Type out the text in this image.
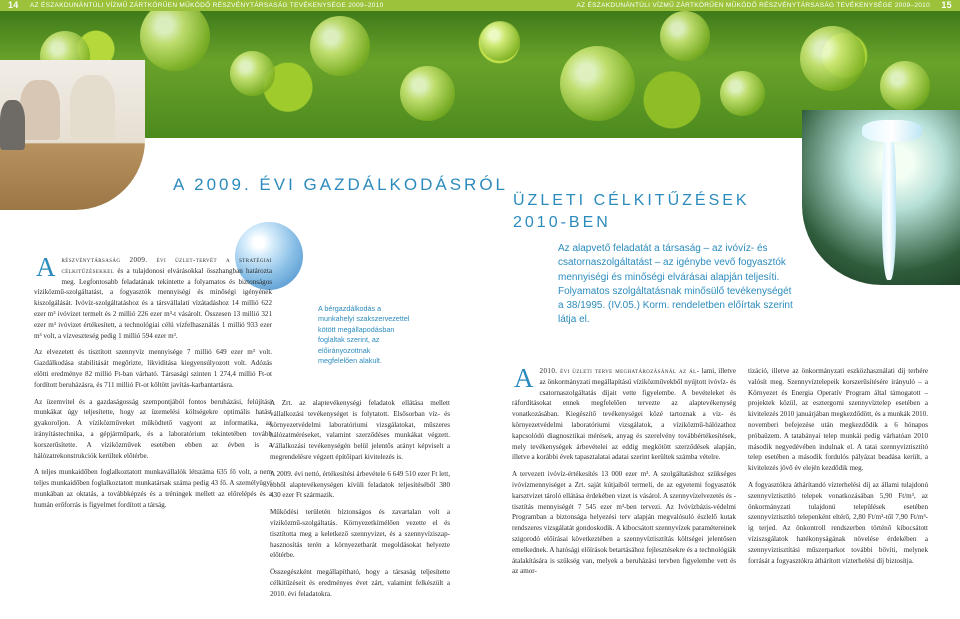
14 AZ ÉSZAKDUNÁNTÚLI VÍZMŰ ZÁRTKÖRŰEN MŰKÖDŐ RÉSZVÉNYTÁRSASÁG TEVÉKENYSÉGE 2009–2010	AZ ÉSZAKDUNÁNTÚLI VÍZMŰ ZÁRTKÖRŰEN MŰKÖDŐ RÉSZVÉNYTÁRSASÁG TEVÉKENYSÉGE 2009–2010 15
A 2009. ÉVI GAZDÁLKODÁSRÓL
ÜZLETI CÉLKITŰZÉSEK
2010-BEN

A részvénytársaság 2009. évi üzlet-tervét a stratégiai célkitűzésekkel és a tulajdonosi elvárásokkal összhangban határozta meg. Legfontosabb feladatának tekintette a folyamatos és biztonságos víziközmű-szolgáltatást, a fogyasztók mennyiségi és minőségi igényének kiszolgálását. Ivóvíz-szolgáltatáshoz és a társvállalati vízátadáshoz 14 millió 622 ezer m³ ivóvizet termelt és 2 millió 226 ezer m³-t vásárolt. Összesen 13 millió 321 ezer m³ ivóvizet értékesített, a technológiai célú vízfelhasználás 1 millió 933 ezer m³ volt, a vízveszteség pedig 1 millió 594 ezer m³.

Az elvezetett és tisztított szennyvíz mennyisége 7 millió 649 ezer m³ volt. Gazdálkodása stabilitását megőrizte, likviditása kiegyensúlyozott volt. Adózás előtti eredménye 82 millió Ft-ban várható. Társasági szinten 1 274,4 millió Ft-ot fordított beruházásra, és 711 millió Ft-ot költött javítás-karbantartásra.

Az üzemvitel és a gazdaságosság szempontjából fontos beruházási, felújítási munkákat úgy teljesítette, hogy az üzemelési költségekre optimális hatást gyakoroljon. A víziközműveket működtető vagyont az informatika, az irányítástechnika, a gépjárműpark, és a laboratórium tekintetében tovább korszerűsítette. A víziközművek esetében ebben az évben is a hálózatrekonstrukciók kerültek előtérbe.

A teljes munkaidőben foglalkoztatott munkavállalók létszáma 635 fő volt, a nem teljes munkaidőben foglalkoztatott munkatársak száma pedig 43 fő. A személyügyi munkában az oktatás, a továbbképzés és a tréningek mellett az előrelépés és a humán erőforrás is figyelmet fordított a társág.

A bérgazdálkodás a munkahelyi szakszervezettel kötött megállapodásban foglaltak szerint, az előirányozottnak megfelelően alakult.

A Zrt. az alaptevékenységi feladatok ellátása mellett vállalkozási tevékenységet is folytatott. Elsősorban víz- és környezetvédelmi laboratóriumi vizsgálatokat, műszeres hálózatméréseket, valamint szerződéses munkákat végzett. Vállalkozási tevékenységén belül jelentős arányt képviselt a megrendelésre végzett építőipari kivitelezés is.

A 2009. évi nettó, értékesítési árbevétele 6 649 510 ezer Ft lett, ebből alaptevékenységen kívüli feladatok teljesítéséből 380 430 ezer Ft származik.

Működési területén biztonságos és zavartalan volt a víziközmű-szolgáltatás. Környezetkímélően vezette el és tisztította meg a keletkező szennyvizet, és a szennyvíziszap-hasznosítás terén a környezetbarát megoldásokat helyezte előtérbe.

Összegészként megállapítható, hogy a társaság teljesítette célkitűzéseit és eredményes évet zárt, valamint felkészült a 2010. évi feladatokra.

Az alapvető feladatát a társaság – az ivóvíz- és csatornaszolgáltatást – az igénybe vevő fogyasztók mennyiségi és minőségi elvárásai alapján teljesíti. Folyamatos szolgáltatásnak minősülő tevékenységét a 38/1995. (IV.05.) Korm. rendeletben előírtak szerint látja el.

A 2010. évi üzleti terve meghatározásánál az ál- lami, illetve az önkormányzati megállapítású víziközművekből nyújtott ivóvíz- és csatornaszolgáltatás díjait vette figyelembe. A bevételeket és ráfordításokat ennek megfelelően tervezte az alaptevékenység vonatkozásában. Kiegészítő tevékenységei közé tartoznak a víz- és környezetvédelmi laboratóriumi vizsgálatok, a víziközmű-hálózathoz kapcsolódó diagnosztikai mérések, anyag és szerelvény továbbértékesítések, mely tevékenységek árbevételei az eddig megkötött szerződések alapján, illetve a korábbi évek tapasztalatai adatai szerint kerültek számba vételre.

A tervezett ivóvíz-értékesítés 13 000 ezer m³. A szolgáltatáshoz szükséges ivóvízmennyiséget a Zrt. saját kútjaiból termeli, de az egyetemi fogyasztók karsztvizet tároló ellátása érdekében vizet is vásárol. A szennyvízelvezetés és -tisztítás mennyiségét 7 545 ezer m³-ben tervezi. Az Ivóvízbázis-védelmi Programban a biztonsága helyezési terv alapján megvalósuló észlelő kutak rendszeres vizsgálatát gondoskodik. A kibocsátott szennyvízek paramétereinek szigorodó előírásai következtében a szennyvíztisztítás költségei jelentősen emelkednek. A hatósági előírások betartásához fejlesztésekre és a technológiák átalakítására is szükség van, melyek a beruházási tervben figyelembe vett és az amor-

tizáció, illetve az önkormányzati eszközhasználati díj terhére valósít meg. Szennyvíztelepeik korszerűsítésére irányuló – a Környezet és Energia Operatív Program által támogatott – projektek közül, az esztergomi szennyvíztelep esetében a kivitelezés 2010 januárjában megkezdődött, és a munkák 2010. novemberi befejezése után megkezdődik a 6 hónapos próbaüzem. A tatabányai telep munkái pedig várhatóan 2010 második negyedévében indulnak el. A tatai szennyvíztisztító telep esetében a második fordulós pályázat beadása került, a kivitelezés jövő év elején kezdődik meg.

A fogyasztókra áthárítandó vízterhelési díj az állami tulajdonú szennyvíztisztító telepek vonatkozásában 5,90 Ft/m³, az önkormányzati tulajdonú települések esetében szennyvíztisztító telepenként eltérő, 2,80 Ft/m³-től 7,90 Ft/m³-ig terjed. Az önkontroll rendszerben történő kibocsátott víziszsgálatok hatékonyságának növelése érdekében a szennyvíztisztítási műszerparkot további bővíti, melynek forrását a fogyasztókra áthárított vízterhelési díj biztosítja.
